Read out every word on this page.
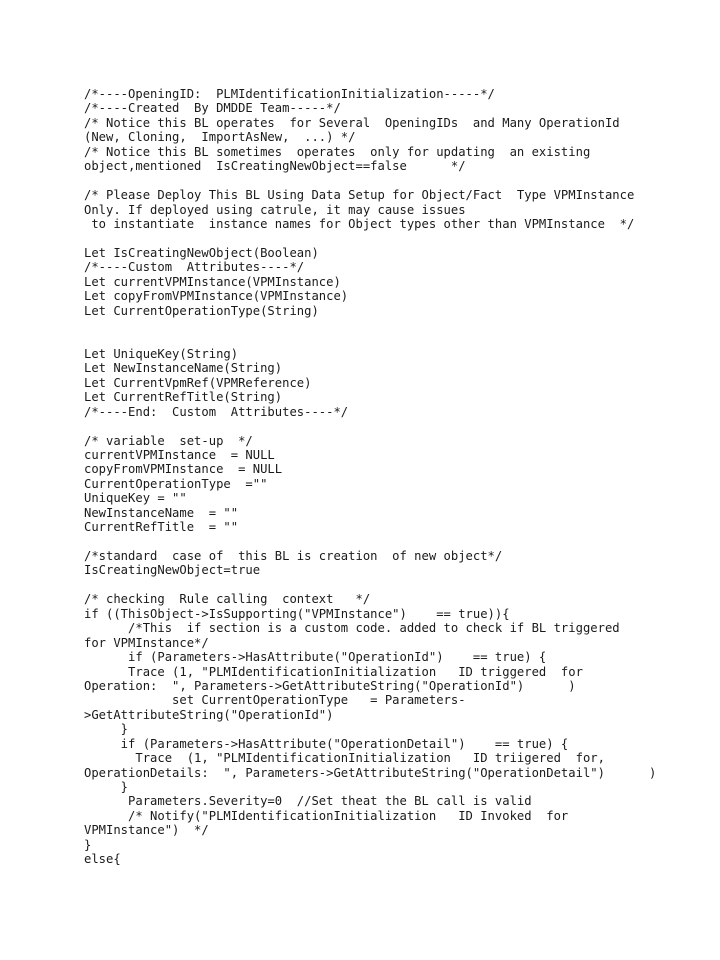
/*----OpeningID:  PLMIdentificationInitialization-----*/
/*----Created  By DMDDE Team-----*/
/* Notice this BL operates  for Several  OpeningIDs  and Many OperationId
(New, Cloning,  ImportAsNew,  ...) */
/* Notice this BL sometimes  operates  only for updating  an existing
object,mentioned  IsCreatingNewObject==false      */
/* Please Deploy This BL Using Data Setup for Object/Fact  Type VPMInstance
Only. If deployed using catrule, it may cause issues
to instantiate  instance names for Object types other than VPMInstance  */
Let IsCreatingNewObject(Boolean)
/*----Custom  Attributes----*/
Let currentVPMInstance(VPMInstance)
Let copyFromVPMInstance(VPMInstance)
Let CurrentOperationType(String)
Let UniqueKey(String)
Let NewInstanceName(String)
Let CurrentVpmRef(VPMReference)
Let CurrentRefTitle(String)
/*----End:  Custom  Attributes----*/
/* variable  set-up  */
currentVPMInstance  = NULL
copyFromVPMInstance  = NULL
CurrentOperationType  =""
UniqueKey = ""
NewInstanceName  = ""
CurrentRefTitle  = ""
/*standard  case of  this BL is creation  of new object*/
IsCreatingNewObject=true
/* checking  Rule calling  context   */
if ((ThisObject->IsSupporting("VPMInstance")    == true)){
/*This  if section is a custom code. added to check if BL triggered
for VPMInstance*/
if (Parameters->HasAttribute("OperationId")    == true) {
Trace (1, "PLMIdentificationInitialization   ID triggered  for
Operation:  ", Parameters->GetAttributeString("OperationId")      )
set CurrentOperationType   = Parameters-
>GetAttributeString("OperationId")
}
if (Parameters->HasAttribute("OperationDetail")    == true) {
Trace  (1, "PLMIdentificationInitialization   ID triigered  for,
OperationDetails:  ", Parameters->GetAttributeString("OperationDetail")      )
}
Parameters.Severity=0  //Set theat the BL call is valid
/* Notify("PLMIdentificationInitialization   ID Invoked  for
VPMInstance")  */
}
else{
